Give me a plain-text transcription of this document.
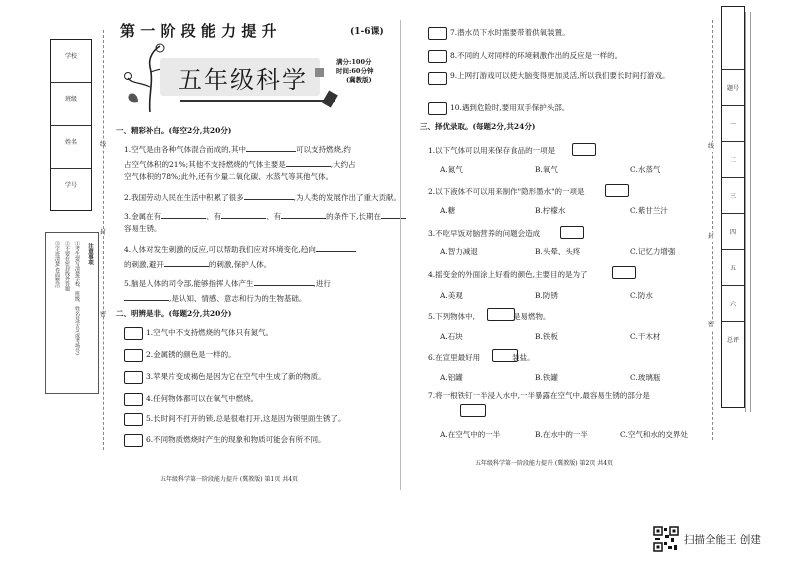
学校
班级
姓名
学号
线
封
密
注意事项
①考生要写清楚学校、班级、姓名及学号(或考场号)
②不要在密封线外答题
③字迹清楚,卷面整洁
第 一 阶 段 能 力 提 升	(1-6课)
五年级科学
满分:100分
时间:60分钟
(冀教版)
一、精彩补白。(每空2分,共20分)
1.空气是由各种气体混合而成的,其中	可以支持燃烧,约
占空气体积的21%;其他不支持燃烧的气体主要是	,大约占
空气体积的78%;此外,还有少量二氧化碳、水蒸气等其他气体。
2.我国劳动人民在生活中积累了很多	,为人类的发展作出了重大贡献。
3.金属在有	、有	、有	的条件下,长期在
容易生锈。
4.人体对发生刺激的反应,可以帮助我们应对环境变化,趋向
的刺激,避开	的刺激,保护人体。
5.脑是人体的司令部,能够指挥人体产生	,进行
,是认知、情感、意志和行为的生物基础。
二、明辨是非。(每题2分,共20分)
1.空气中不支持燃烧的气体只有氮气。
2.金属锈的颜色是一样的。
3.苹果片变成褐色是因为它在空气中生成了新的物质。
4.任何物体都可以在氧气中燃烧。
5.长时间不打开的锁,总是很难打开,这是因为锁里面生锈了。
6.不同物质燃烧时产生的现象和物质可能会有所不同。
五年级科学第一阶段能力提升 (冀教版) 第1页 共4页
7.潜水员下水时需要带着供氧装置。
8.不同的人对同样的环境刺激作出的反应是一样的。
9.上网打游戏可以使大脑变得更加灵活,所以我们要长时间打游戏。
10.遇到危险时,要用双手保护头部。
三、择优录取。(每题2分,共24分)
1.以下气体可以用来保存食品的一项是
A.氮气	B.氧气	C.水蒸气
2.以下液体不可以用来制作"隐形墨水"的一项是
A.糖	B.柠檬水	C.紫甘兰汁
3.不吃早饭对脑营养的问题会造成
A.智力减退	B.头晕、头疼	C.记忆力增强
4.摇变金的外面涂上好看的颜色,主要目的是为了
A.美观	B.防锈	C.防水
5.下列物体中,	是易燃物。
A.石块	B.铁板	C.干木材
6.在宣里最好用	装盐。
A.铝罐	B.铁罐	C.玻璃瓶
7.将一根铁钉一半浸入水中,一半暴露在空气中,最容易生锈的部分是
A.在空气中的一半	B.在水中的一半	C.空气和水的交界处
五年级科学第一阶段能力提升 (冀教版) 第2页 共4页
线
封
密
题号
一
二
三
四
五
六
总评
扫描全能王 创建
